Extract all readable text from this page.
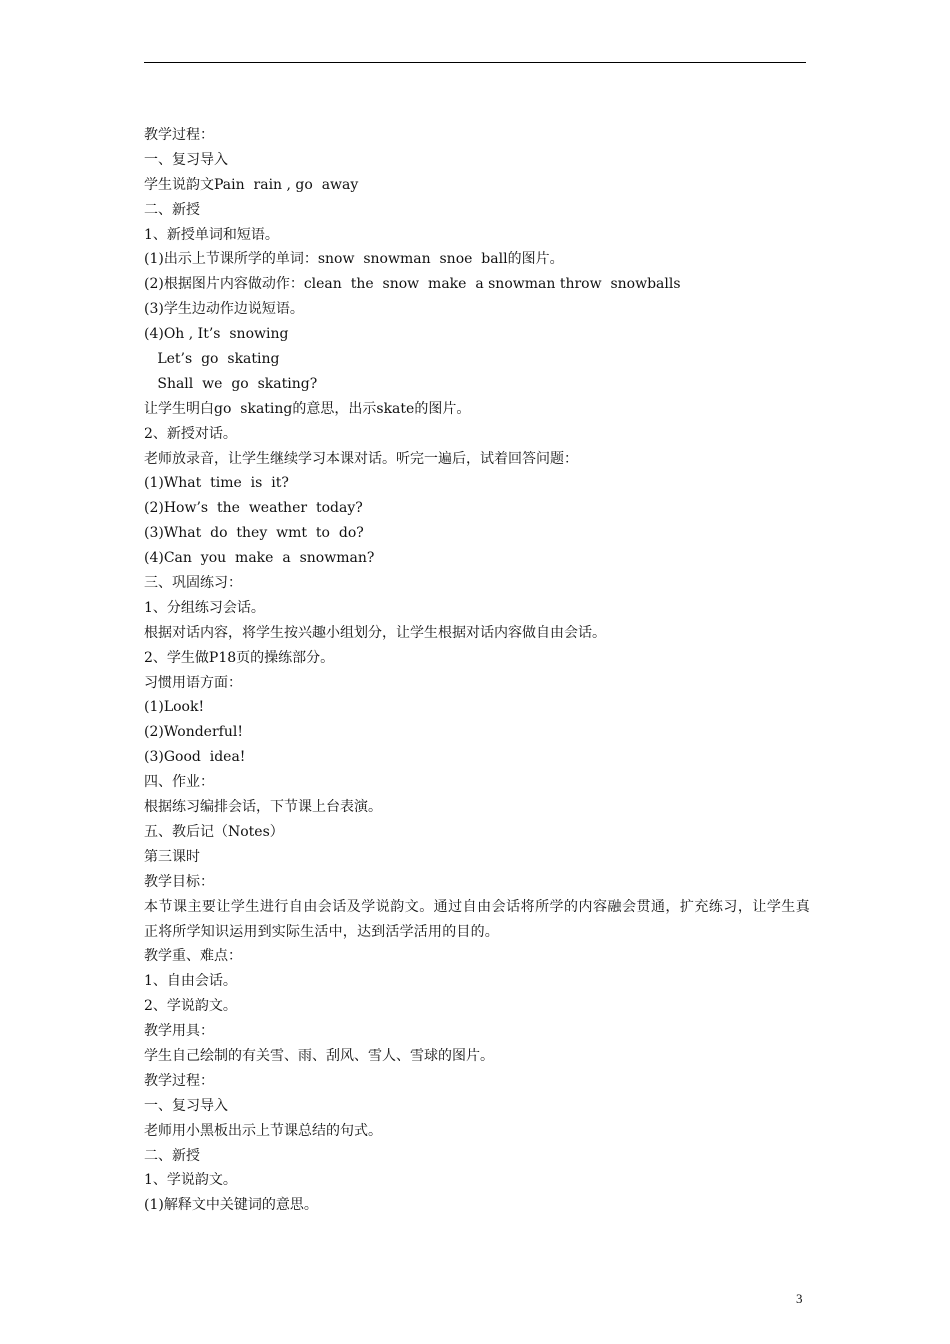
教学过程：
一、复习导入
学生说韵文Pain  rain , go  away
二、新授
1、新授单词和短语。
(1)出示上节课所学的单词：snow  snowman  snoe  ball的图片。
(2)根据图片内容做动作：clean  the  snow  make  a snowman throw  snowballs
(3)学生边动作边说短语。
(4)Oh , It’s  snowing
Let’s  go  skating
Shall  we  go  skating?
让学生明白go  skating的意思，出示skate的图片。
2、新授对话。
老师放录音，让学生继续学习本课对话。听完一遍后，试着回答问题：
(1)What  time  is  it?
(2)How’s  the  weather  today?
(3)What  do  they  wmt  to  do?
(4)Can  you  make  a  snowman?
三、巩固练习：
1、分组练习会话。
根据对话内容，将学生按兴趣小组划分，让学生根据对话内容做自由会话。
2、学生做P18页的操练部分。
习惯用语方面：
(1)Look!
(2)Wonderful!
(3)Good  idea!
四、作业：
根据练习编排会话，下节课上台表演。
五、教后记（Notes）
第三课时
教学目标：
本节课主要让学生进行自由会话及学说韵文。通过自由会话将所学的内容融会贯通，扩充练习，让学生真正将所学知识运用到实际生活中，达到活学活用的目的。
教学重、难点：
1、自由会话。
2、学说韵文。
教学用具：
学生自己绘制的有关雪、雨、刮风、雪人、雪球的图片。
教学过程：
一、复习导入
老师用小黑板出示上节课总结的句式。
二、新授
1、学说韵文。
(1)解释文中关键词的意思。
3
